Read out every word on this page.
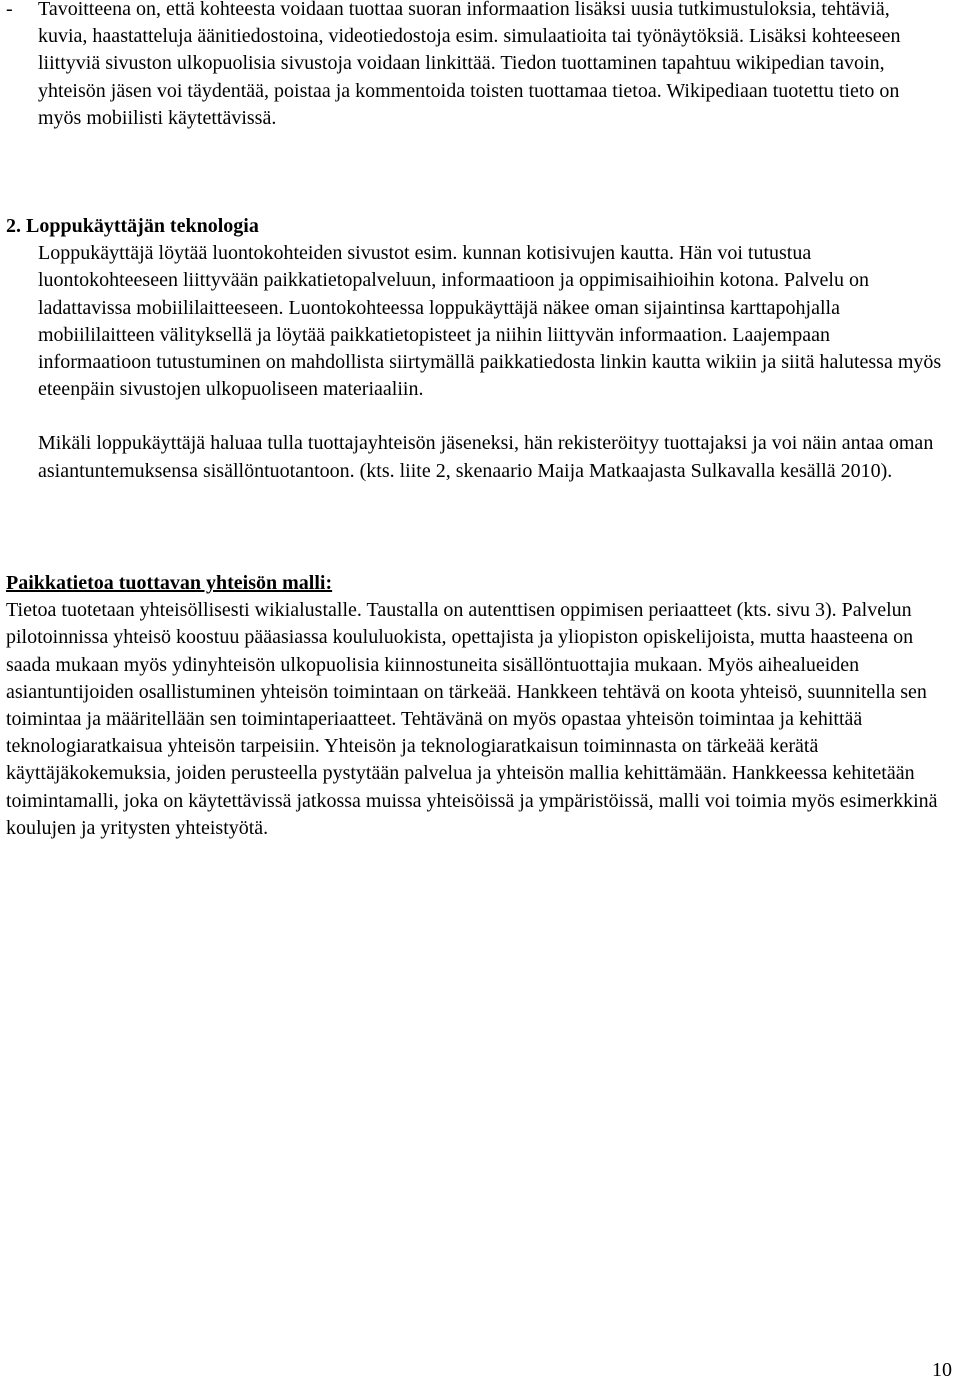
- Tavoitteena on, että kohteesta voidaan tuottaa suoran informaation lisäksi uusia tutkimustuloksia, tehtäviä, kuvia, haastatteluja äänitiedostoina, videotiedostoja esim. simulaatioita tai työnäytöksiä. Lisäksi kohteeseen liittyviä sivuston ulkopuolisia sivustoja voidaan linkittää. Tiedon tuottaminen tapahtuu wikipedian tavoin, yhteisön jäsen voi täydentää, poistaa ja kommentoida toisten tuottamaa tietoa. Wikipediaan tuotettu tieto on myös mobiilisti käytettävissä.

2. Loppukäyttäjän teknologia

Loppukäyttäjä löytää luontokohteiden sivustot esim. kunnan kotisivujen kautta. Hän voi tutustua luontokohteeseen liittyvään paikkatietopalveluun, informaatioon ja oppimisaihioihin kotona. Palvelu on ladattavissa mobiililaitteeseen. Luontokohteessa loppukäyttäjä näkee oman sijaintinsa karttapohjalla mobiililaitteen välityksellä ja löytää paikkatietopisteet ja niihin liittyvän informaation. Laajempaan informaatioon tutustuminen on mahdollista siirtymällä paikkatiedosta linkin kautta wikiin ja siitä halutessa myös eteenpäin sivustojen ulkopuoliseen materiaaliin.

Mikäli loppukäyttäjä haluaa tulla tuottajayhteisön jäseneksi, hän rekisteröityy tuottajaksi ja voi näin antaa oman asiantuntemuksensa sisällöntuotantoon. (kts. liite 2, skenaario Maija Matkaajasta Sulkavalla kesällä 2010).

Paikkatietoa tuottavan yhteisön malli:

Tietoa tuotetaan yhteisöllisesti wikialustalle. Taustalla on autenttisen oppimisen periaatteet (kts. sivu 3). Palvelun pilotoinnissa yhteisö koostuu pääasiassa koululuokista, opettajista ja yliopiston opiskelijoista, mutta haasteena on saada mukaan myös ydinyhteisön ulkopuolisia kiinnostuneita sisällöntuottajia mukaan. Myös aihealueiden asiantuntijoiden osallistuminen yhteisön toimintaan on tärkeää. Hankkeen tehtävä on koota yhteisö, suunnitella sen toimintaa ja määritellään sen toimintaperiaatteet. Tehtävänä on myös opastaa yhteisön toimintaa ja kehittää teknologiaratkaisua yhteisön tarpeisiin. Yhteisön ja teknologiaratkaisun toiminnasta on tärkeää kerätä käyttäjäkokemuksia, joiden perusteella pystytään palvelua ja yhteisön mallia kehittämään. Hankkeessa kehitetään toimintamalli, joka on käytettävissä jatkossa muissa yhteisöissä ja ympäristöissä, malli voi toimia myös esimerkkinä koulujen ja yritysten yhteistyötä.

10
